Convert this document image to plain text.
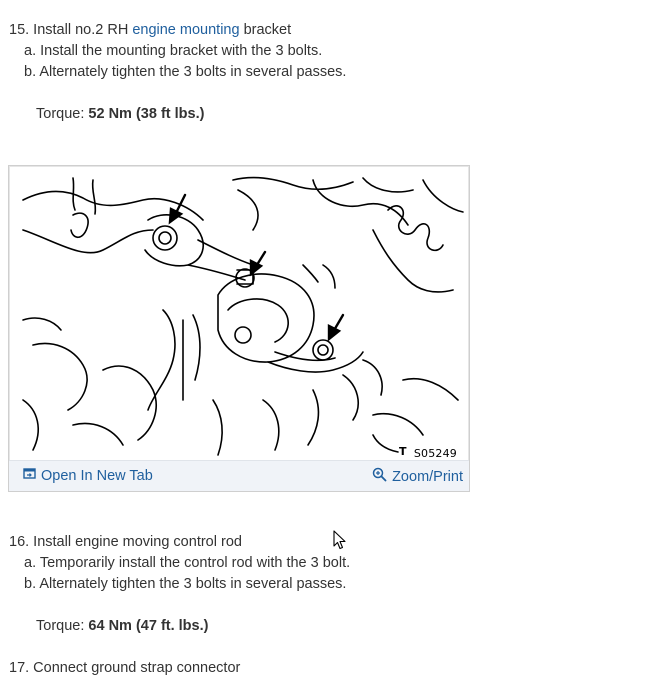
15. Install no.2 RH engine mounting bracket
a. Install the mounting bracket with the 3 bolts.
b. Alternately tighten the 3 bolts in several passes.
Torque: 52 Nm (38 ft lbs.)
T S05249
Open In New Tab	Zoom/Print
16. Install engine moving control rod
a. Temporarily install the control rod with the 3 bolt.
b. Alternately tighten the 3 bolts in several passes.
Torque: 64 Nm (47 ft. lbs.)
17. Connect ground strap connector
